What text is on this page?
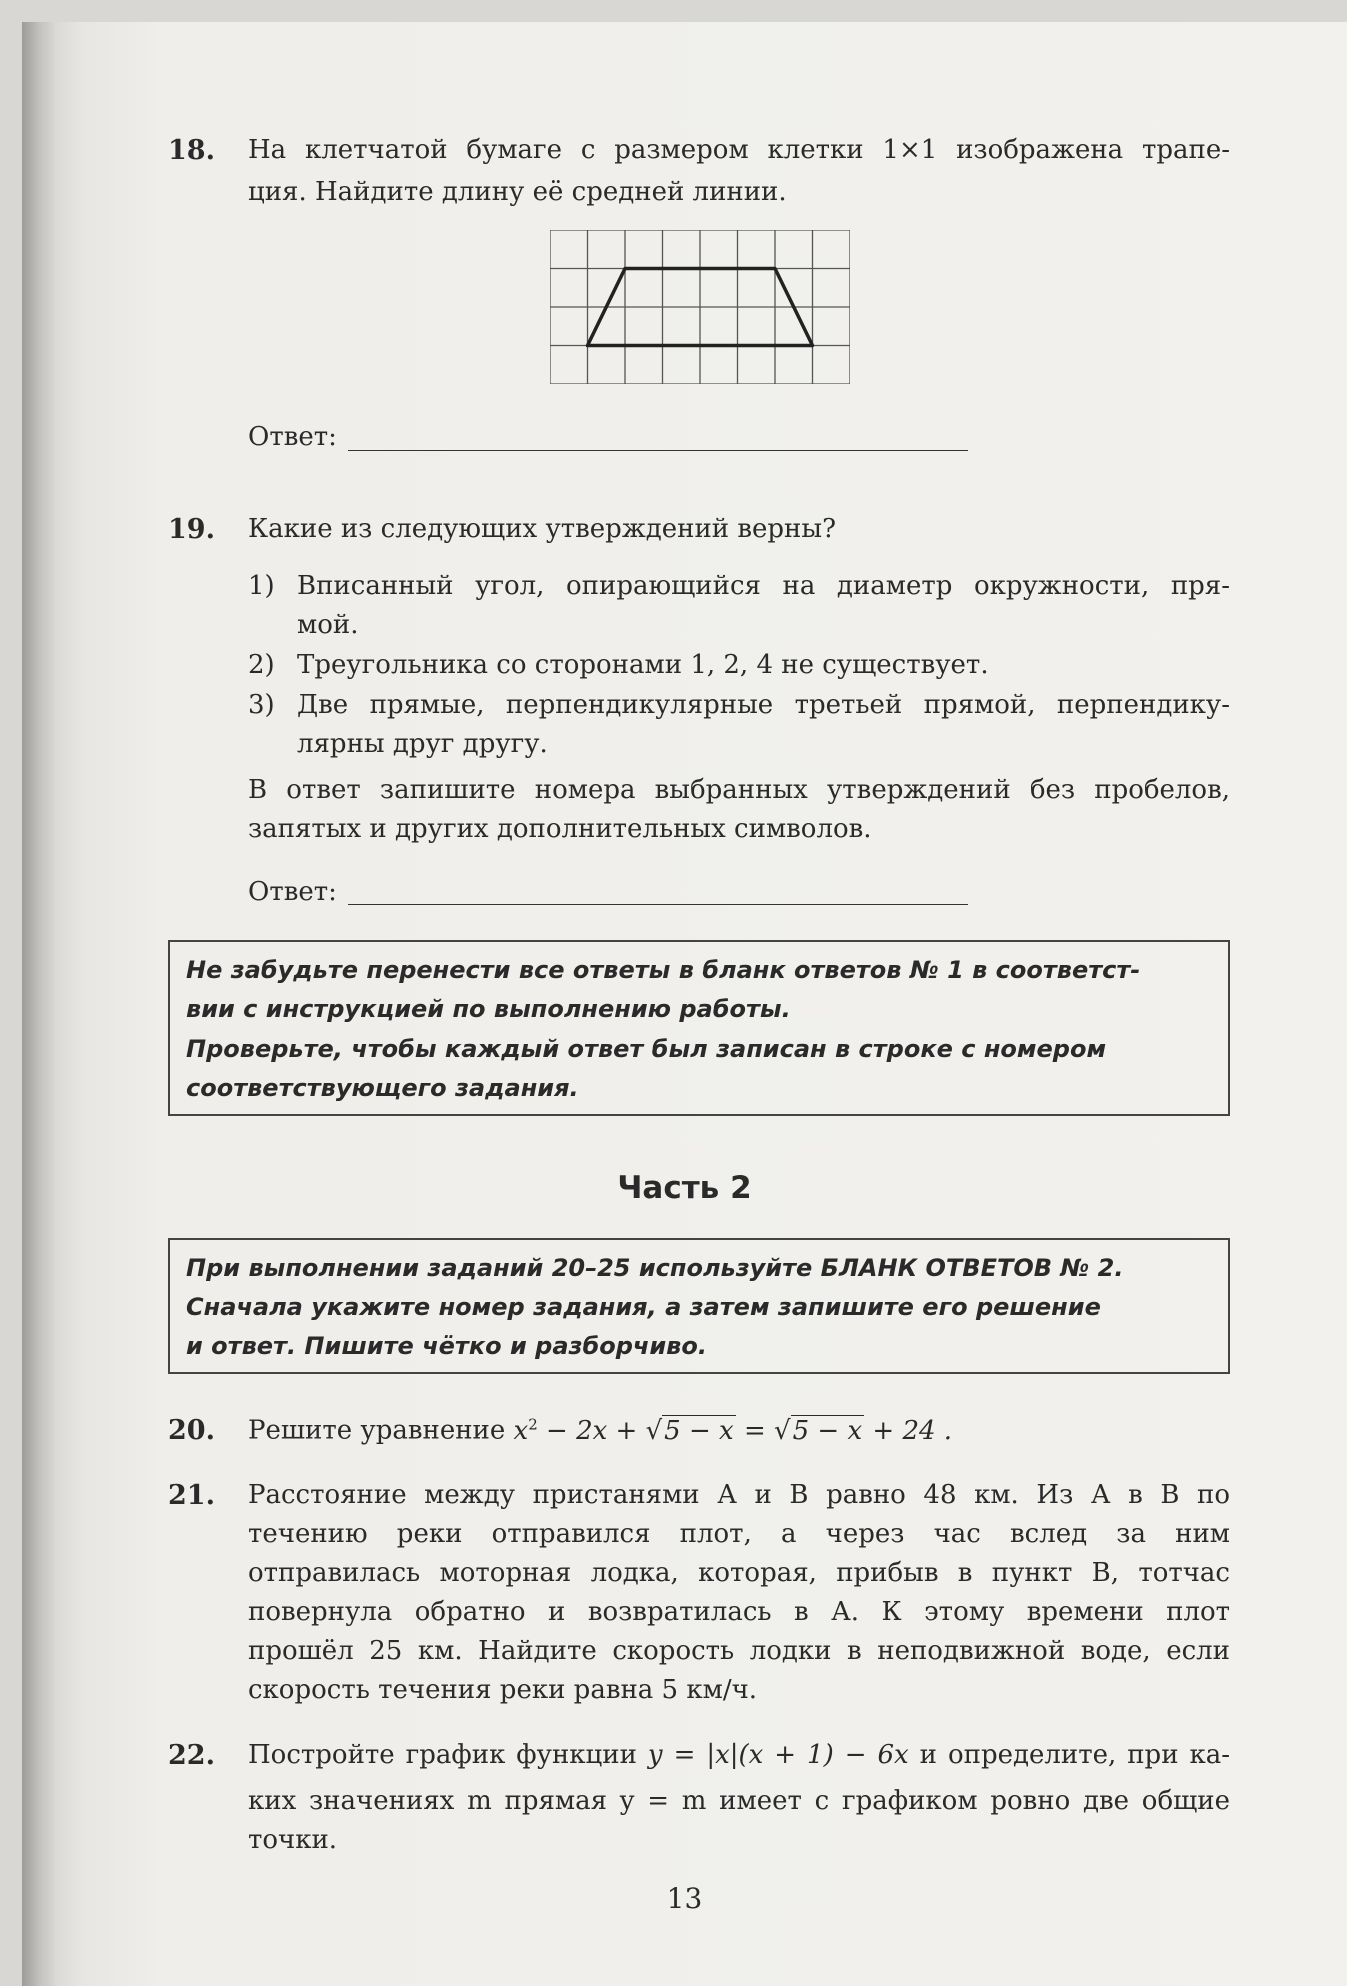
18. На клетчатой бумаге с размером клетки 1×1 изображена трапе-
ция. Найдите длину её средней линии.
Ответ:
19. Какие из следующих утверждений верны?
1) Вписанный угол, опирающийся на диаметр окружности, пря-
мой.
2) Треугольника со сторонами 1, 2, 4 не существует.
3) Две прямые, перпендикулярные третьей прямой, перпендику-
лярны друг другу.
В ответ запишите номера выбранных утверждений без пробелов,
запятых и других дополнительных символов.
Ответ:
Не забудьте перенести все ответы в бланк ответов № 1 в соответст-
вии с инструкцией по выполнению работы.
Проверьте, чтобы каждый ответ был записан в строке с номером
соответствующего задания.
Часть 2
При выполнении заданий 20–25 используйте БЛАНК ОТВЕТОВ № 2.
Сначала укажите номер задания, а затем запишите его решение
и ответ. Пишите чётко и разборчиво.
20. Решите уравнение $x^2 - 2x + √5 - x = √5 - x + 24$ .
21. Расстояние между пристанями А и В равно 48 км. Из А в В по
течению реки отправился плот, а через час вслед за ним
отправилась моторная лодка, которая, прибыв в пункт В, тотчас
повернула обратно и возвратилась в А. К этому времени плот
прошёл 25 км. Найдите скорость лодки в неподвижной воде, если
скорость течения реки равна 5 км/ч.
22. Постройте график функции y = |x|(x + 1) − 6x и определите, при ка-
ких значениях m прямая y = m имеет с графиком ровно две общие
точки.
13
